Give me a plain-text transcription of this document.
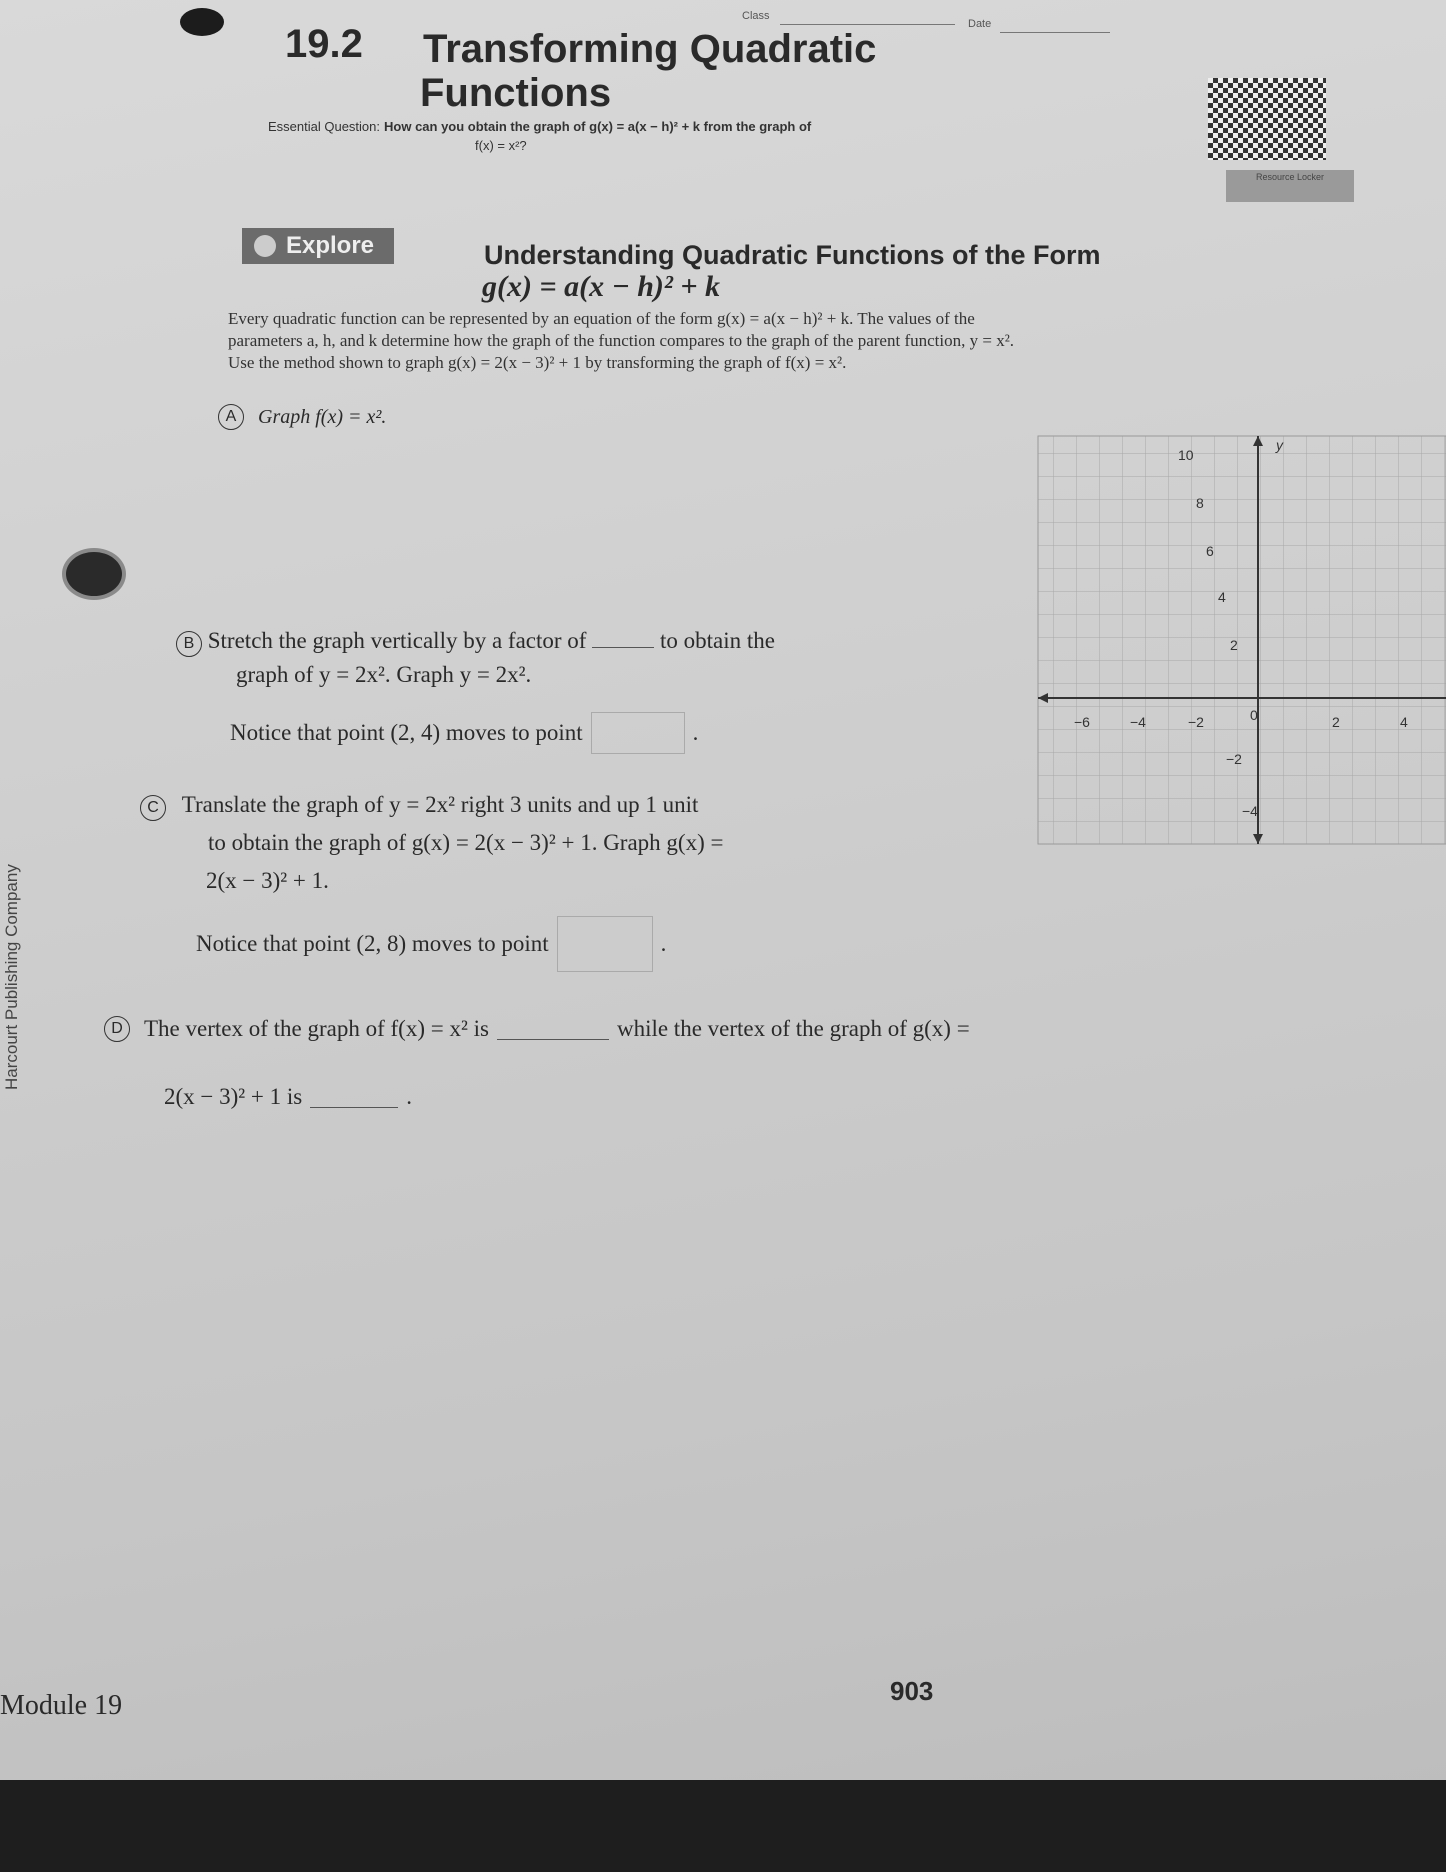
Class
Date
19.2 Transforming Quadratic
Functions
Essential Question: How can you obtain the graph of g(x) = a(x − h)² + k from the graph of
f(x) = x²?
Resource Locker
Explore	Understanding Quadratic Functions of the Form
g(x) = a(x − h)² + k
Every quadratic function can be represented by an equation of the form g(x) = a(x − h)² + k. The values of the
parameters a, h, and k determine how the graph of the function compares to the graph of the parent function, y = x².
Use the method shown to graph g(x) = 2(x − 3)² + 1 by transforming the graph of f(x) = x².
A	Graph f(x) = x².
B Stretch the graph vertically by a factor of	to obtain the
graph of y = 2x². Graph y = 2x².
Notice that point (2, 4) moves to point	.
C Translate the graph of y = 2x² right 3 units and up 1 unit
to obtain the graph of g(x) = 2(x − 3)² + 1. Graph g(x) =
2(x − 3)² + 1.
Notice that point (2, 8) moves to point	.
D The vertex of the graph of f(x) = x² is	while the vertex of the graph of g(x) =
2(x − 3)² + 1 is	.
y
−6	−4	−2	0	2	4
10
8
6
4
2
−2
−4
Harcourt Publishing Company
Module 19	903
